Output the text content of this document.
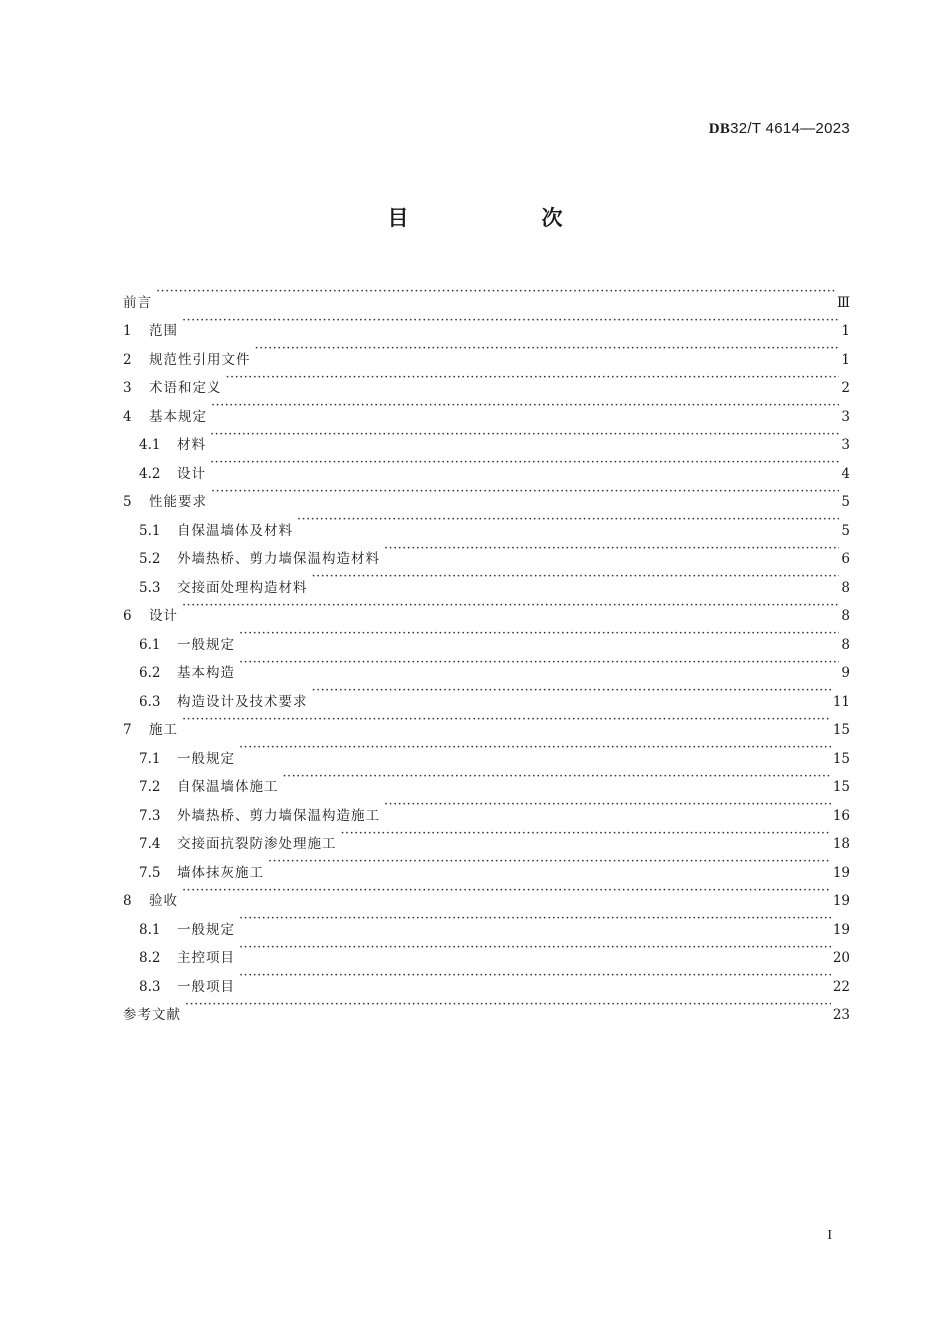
DB32/T 4614—2023
目　次
前言 ·····	Ⅲ
1	范围 ·····	1
2	规范性引用文件 ·····	1
3	术语和定义 ·····	2
4	基本规定 ·····	3
4.1	材料 ·····	3
4.2	设计 ·····	4
5	性能要求 ·····	5
5.1	自保温墙体及材料 ·····	5
5.2	外墙热桥、剪力墙保温构造材料 ·····	6
5.3	交接面处理构造材料 ·····	8
6	设计 ·····	8
6.1	一般规定 ·····	8
6.2	基本构造 ·····	9
6.3	构造设计及技术要求 ·····	11
7	施工 ·····	15
7.1	一般规定 ·····	15
7.2	自保温墙体施工 ·····	15
7.3	外墙热桥、剪力墙保温构造施工 ·····	16
7.4	交接面抗裂防渗处理施工 ·····	18
7.5	墙体抹灰施工 ·····	19
8	验收 ·····	19
8.1	一般规定 ·····	19
8.2	主控项目 ·····	20
8.3	一般项目 ·····	22
参考文献 ·····	23
I
